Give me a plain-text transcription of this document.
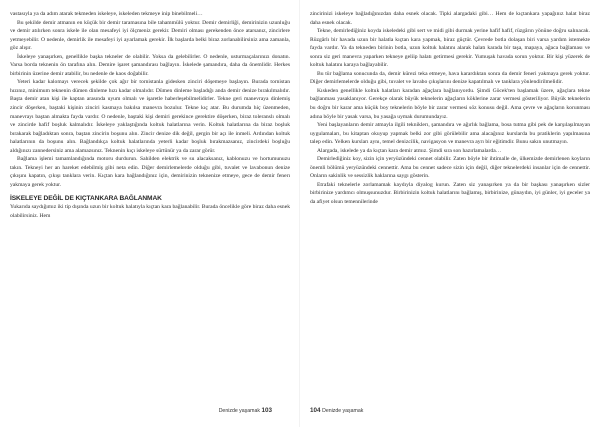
vastasıyla ya da adım atarak tekmeden iskeleye, iskeleden tekmeye inip binebilmeli…

Bu şekilde demir atmanın en küçük bir demir taramasına bile tahammülü yoktur. Demir demirliği, demirinizin uzunluğu ve demir atılırken sonra iskele ile olan mesafeyi iyi ölçmeniz gerekir. Demiri olması gerekenden önce atarsanız, zincirlere yetmeyebilir. O nedenle, demirlik ile mesafeyi iyi ayarlamak gerekir. İlk başlarda belki biraz zorlanabilirsiniz ama zamanla, göz alışır.

İskeleye yanaşırken, genellikle başka tekneler de olabilir. Yoksa da gelebilirler. O nedenle, usturmaçalarınızı donatın. Varsa borda teknenin ön tarafına alın. Demire işaret şamandırası bağlayın. İskelede şamandıra, daha da önemlidir. Herkes birbirinin üzerine demir atabilir, bu nedenle de kaos doğabilir.

Yeteri kadar kalomayı verecek şekilde çok ağır bir tornistanla gidesken zinciri döşemeye başlayın. Burada tornistan hızınız, minimum teknenin dümen dinleme hızı kadar olmalıdır. Dümen dinleme başladığı anda demir denize bırakılmalıdır. Başta demir atan kişi ile kaptan arasında uyum olmalı ve işaretle haberleşebilmelidirler. Tekne geri manevraya dinlemiş zincir döşerken, baştaki kişinin zinciri kasmaya bakılsa manevra bozulur. Tekne kıç atar. Bu durumda hiç üzenmeden, manevrayı baştan almakta fayda vardır. O nedenle, baştaki kişi demiri gerekince gerektire döşerken, biraz toleranslı olmalı ve zincirde hafif boşluk kalmalıdır. İskeleye yaklaştığında koltuk halatlarına verin. Koltuk halatlarına da biraz boşluk bırakarak bağladıktan sonra, baştan zincirin boşunu alın. Zincir denize dik değil, gergin bir açı ile inmeli. Ardından koltuk halatlarının da boşunu alın. Bağlandıkça koltuk halatlarında yeterli kadar boşluk bırakmazsanız, zincirdeki boşluğu aldığınızı zannedersiniz ama alamazsınız. Teknenin kıçı iskeleye sürtünür ya da zarar görür.

Bağlama işlemi tamamlandığında motoru durdurun. Sahilden elektrik ve su alacaksanız, kablonuzu ve hortumunuzu takın. Tekneyi her an hareket edebilmiş gibi neta edin. Diğer demirlemelerde olduğu gibi, tuvalet ve lavabonun denize çıkışını kapatın, çıkışı tanklara verin. Kıçtan kara bağlandığınız için, demirinizin teknenize etmeye, gece de demir fenerı yakmaya gerek yoktur.

İSKELEYE DEĞİL DE KIÇTANKARA BAĞLANMAK

Yukarıda saydığımız iki tip dışında uzun bir koltuk halatıyla kıçtan kara bağlanabilir. Burada öncelikle göre biraz daha esnek olabilirsiniz. Hem

Denizde yaşamak 103

zincirinizi iskeleye bağladığınızdan daha esnek olacak. Tipki alargadaki gibi… Hem de kıçtankara yapağınız halat biraz daha esnek olacak.

Tekne, demirlediğiniz koyda iskeledeki gibi sert ve midi gibi durmak yerine hafif hafif, rüzgârın yönüne doğru salınacak. Rüzgârlı bir havada uzun bir halatla kıçtan kara yapmak, biraz güçtür. Çevrede botla dolaşan biri varsa yardım istemekte fayda vardır. Ya da tekneden birinin botla, uzun koltuk halatını alarak halatı karada bir taşa, mapaya, ağaca bağlaması ve sonra siz geri manevra yaparken tekneye geliip halatı getirmesi gerekir. Yumuşak havada sorun yoktur. Bir kişi yüzerek de koltuk halatını karaya bağlayabilir.

Bu tür bağlama sonucunda da, demir kürezi teka etmeye, hava karardıktan sonra da demir feneri yakmaya gerek yoktur. Diğer demirlemelerde olduğu gibi, tuvalet ve lavabo çıkışlarını denize kapatılmalı ve tanklara yönlendirilmelidir.

Kıskeden genellikle koltuk halatları karadan ağaçlara bağlanıyordu. Şimdi Göcek'ten başlamak üzere, ağaçlara tekne bağlanması yasaklanıyor. Gerekçe olarak büyük teknelerin ağaçların köklerine zarar vermesi gösteriliyor. Büyük teknelerin bu doğru bir karar ama küçük boy teknelerin böyle bir zarar vermesi söz konusu değil. Ama çevre ve ağaçların korunması adına böyle bir yasak varsa, bu yasağa uymak durumundayız.

Yeni başlayanların demir atmayla ilgili tekniklerı, şamandıra ve ağırlık bağlama, bosa tutma gibi pek de karşılaşılmayan uygulamaları, bu kitaptan okuyup yapmak belki zor gibi görülebilir ama alacağınız kurslarda bu pratiklerin yapılmasına talep edin. Yelken kursları aynı, temel denizcilik, navigasyon ve manevra ayrı bir eğitimdir. Bunu sakın unutmayın.

Alargada, iskelede ya da kıçtan kara demir atmız. Şimdi sıra son hazırlamalarda…

Demirlediğiniz koy, sizin için yeryüzündeki cennet olabilir. Zaten böyle bir ihtimalle de, ülkemizde demirlenen koyların önemli bölümü yeryüzündeki cennettir. Ama bu cennet sadece sizin için değil, diğer teknelerdeki insanlar için de cennettir. Onların sakinlik ve sessizlik haklarına saygı gösterin.

Etrafaki teknelerle zorlamamak kaydıyla diyalog kurun. Zaten siz yanaşırken ya da bir başkası yanaşırken sizler birbirinize yardımcı olmuşsunuzdur. Birbirinizin koltuk halatlarını bağlamış, birbirinize, günaydın, iyi günler, iyi geceler ya da afiyet olsun temennilerinde

104 Denizde yaşamak
